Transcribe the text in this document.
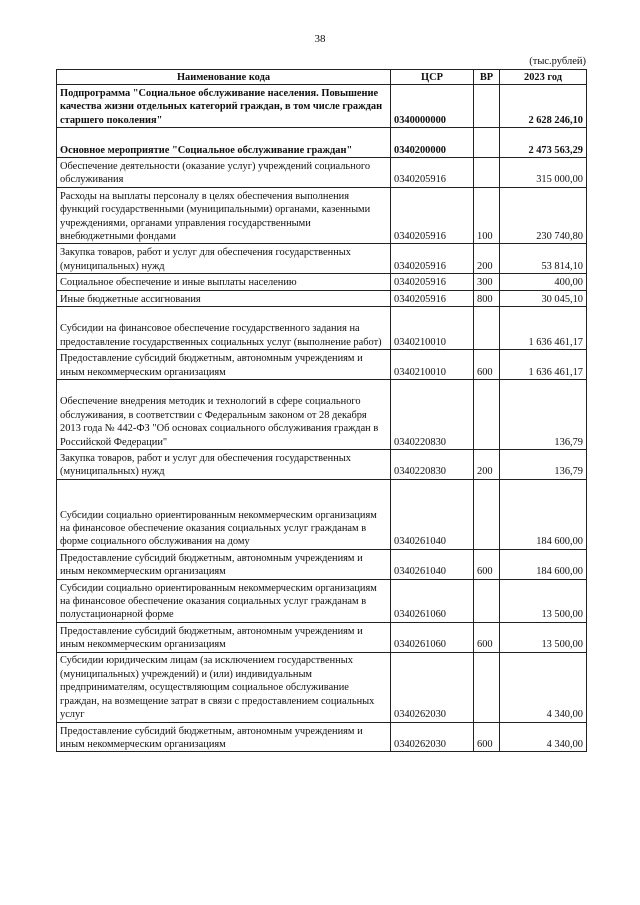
38
(тыс.рублей)
Наименование кода	ЦСР	ВР	2023 год
Подпрограмма "Социальное обслуживание населения. Повышение качества жизни отдельных категорий граждан, в том числе граждан старшего поколения"	0340000000		2 628 246,10
Основное мероприятие "Социальное обслуживание граждан"	0340200000		2 473 563,29
Обеспечение деятельности (оказание услуг) учреждений социального обслуживания	0340205916		315 000,00
Расходы на выплаты персоналу в целях обеспечения выполнения функций государственными (муниципальными) органами, казенными учреждениями, органами управления государственными внебюджетными фондами	0340205916	100	230 740,80
Закупка товаров, работ и услуг для обеспечения государственных (муниципальных) нужд	0340205916	200	53 814,10
Социальное обеспечение и иные выплаты населению	0340205916	300	400,00
Иные бюджетные ассигнования	0340205916	800	30 045,10
Субсидии на финансовое обеспечение государственного задания на предоставление государственных социальных услуг (выполнение работ)	0340210010		1 636 461,17
Предоставление субсидий бюджетным, автономным учреждениям и иным некоммерческим организациям	0340210010	600	1 636 461,17
Обеспечение внедрения методик и технологий в сфере социального обслуживания, в соответствии с Федеральным законом от 28 декабря 2013 года № 442-ФЗ "Об основах социального обслуживания граждан в Российской Федерации"	0340220830		136,79
Закупка товаров, работ и услуг для обеспечения государственных (муниципальных) нужд	0340220830	200	136,79
Субсидии социально ориентированным некоммерческим организациям на финансовое обеспечение оказания социальных услуг гражданам в форме социального обслуживания на дому	0340261040		184 600,00
Предоставление субсидий бюджетным, автономным учреждениям и иным некоммерческим организациям	0340261040	600	184 600,00
Субсидии социально ориентированным некоммерческим организациям на финансовое обеспечение оказания социальных услуг гражданам в полустационарной форме	0340261060		13 500,00
Предоставление субсидий бюджетным, автономным учреждениям и иным некоммерческим организациям	0340261060	600	13 500,00
Субсидии юридическим лицам (за исключением государственных (муниципальных) учреждений) и (или) индивидуальным предпринимателям, осуществляющим социальное обслуживание граждан, на возмещение затрат в связи с предоставлением социальных услуг	0340262030		4 340,00
Предоставление субсидий бюджетным, автономным учреждениям и иным некоммерческим организациям	0340262030	600	4 340,00
